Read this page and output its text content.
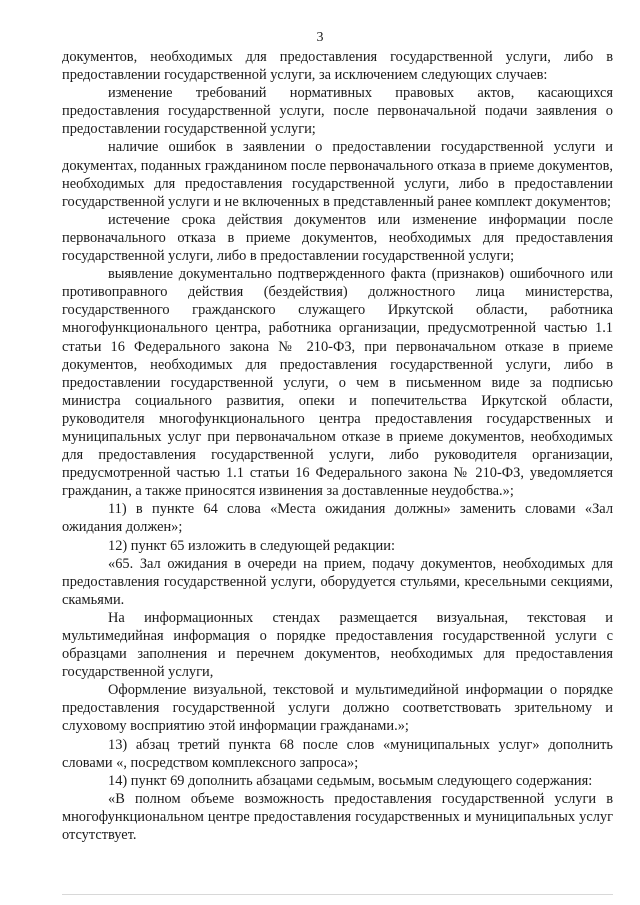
3

документов, необходимых для предоставления государственной услуги, либо в предоставлении государственной услуги, за исключением следующих случаев:

изменение требований нормативных правовых актов, касающихся предоставления государственной услуги, после первоначальной подачи заявления о предоставлении государственной услуги;

наличие ошибок в заявлении о предоставлении государственной услуги и документах, поданных гражданином после первоначального отказа в приеме документов, необходимых для предоставления государственной услуги, либо в предоставлении государственной услуги и не включенных в представленный ранее комплект документов;

истечение срока действия документов или изменение информации после первоначального отказа в приеме документов, необходимых для предоставления государственной услуги, либо в предоставлении государственной услуги;

выявление документально подтвержденного факта (признаков) ошибочного или противоправного действия (бездействия) должностного лица министерства, государственного гражданского служащего Иркутской области, работника многофункционального центра, работника организации, предусмотренной частью 1.1 статьи 16 Федерального закона № 210-ФЗ, при первоначальном отказе в приеме документов, необходимых для предоставления государственной услуги, либо в предоставлении государственной услуги, о чем в письменном виде за подписью министра социального развития, опеки и попечительства Иркутской области, руководителя многофункционального центра предоставления государственных и муниципальных услуг при первоначальном отказе в приеме документов, необходимых для предоставления государственной услуги, либо руководителя организации, предусмотренной частью 1.1 статьи 16 Федерального закона № 210-ФЗ, уведомляется гражданин, а также приносятся извинения за доставленные неудобства.»;

11) в пункте 64 слова «Места ожидания должны» заменить словами «Зал ожидания должен»;

12) пункт 65 изложить в следующей редакции:

«65. Зал ожидания в очереди на прием, подачу документов, необходимых для предоставления государственной услуги, оборудуется стульями, кресельными секциями, скамьями.

На информационных стендах размещается визуальная, текстовая и мультимедийная информация о порядке предоставления государственной услуги с образцами заполнения и перечнем документов, необходимых для предоставления государственной услуги,

Оформление визуальной, текстовой и мультимедийной информации о порядке предоставления государственной услуги должно соответствовать зрительному и слуховому восприятию этой информации гражданами.»;

13) абзац третий пункта 68 после слов «муниципальных услуг» дополнить словами «, посредством комплексного запроса»;

14) пункт 69 дополнить абзацами седьмым, восьмым следующего содержания:

«В полном объеме возможность предоставления государственной услуги в многофункциональном центре предоставления государственных и муниципальных услуг отсутствует.
